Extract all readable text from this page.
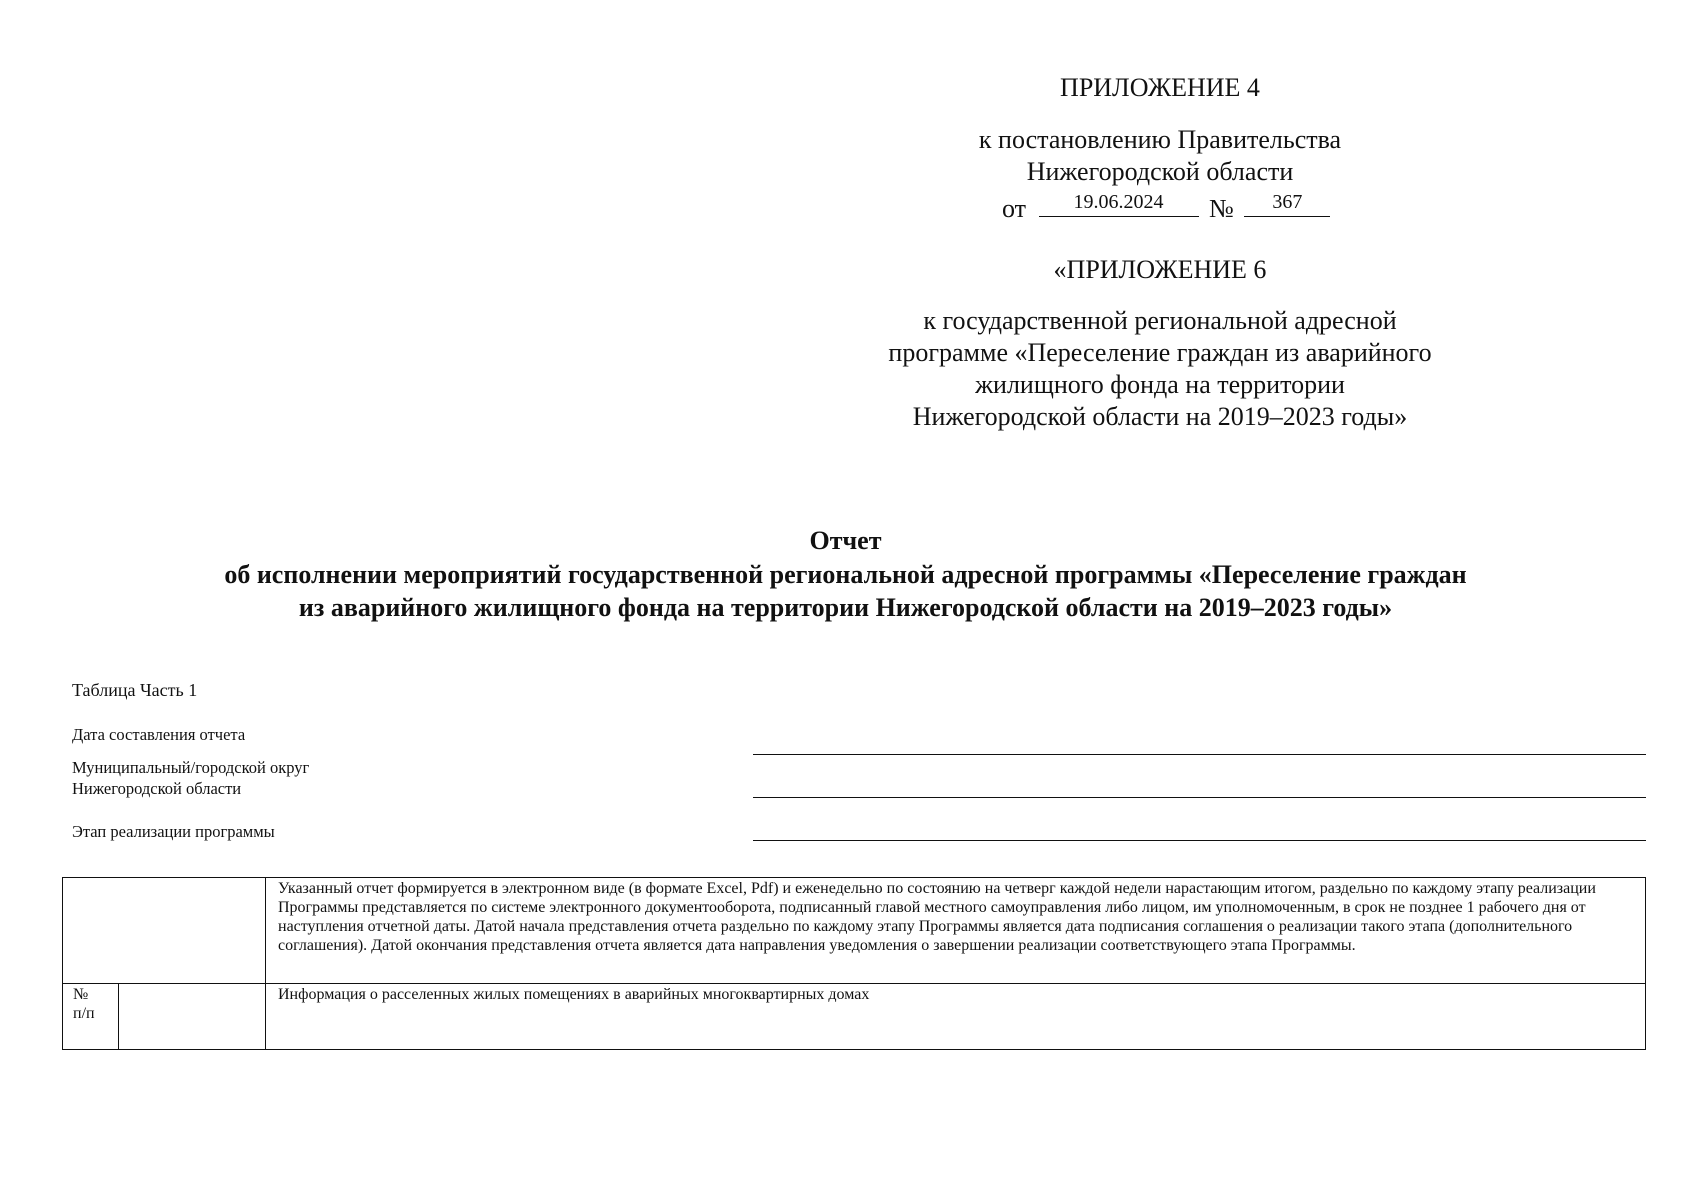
ПРИЛОЖЕНИЕ 4
к постановлению Правительства
Нижегородской области
от	19.06.2024	№	367
«ПРИЛОЖЕНИЕ 6
к государственной региональной адресной
программе «Переселение граждан из аварийного
жилищного фонда на территории
Нижегородской области на 2019–2023 годы»
Отчет
об исполнении мероприятий государственной региональной адресной программы «Переселение граждан
из аварийного жилищного фонда на территории Нижегородской области на 2019–2023 годы»
Таблица Часть 1
Дата составления отчета
Муниципальный/городской округ
Нижегородской области
Этап реализации программы
		Указанный отчет формируется в электронном виде (в формате Excel, Pdf) и еженедельно по состоянию на четверг каждой недели нарастающим итогом, раздельно по каждому этапу реализации Программы представляется по системе электронного документооборота, подписанный главой местного самоуправления либо лицом, им уполномоченным, в срок не позднее 1 рабочего дня от наступления отчетной даты. Датой начала представления отчета раздельно по каждому этапу Программы является дата подписания соглашения о реализации такого этапа (дополнительного соглашения). Датой окончания представления отчета является дата направления уведомления о завершении реализации соответствующего этапа Программы.

№
п/п		Информация о расселенных жилых помещениях в аварийных многоквартирных домах
